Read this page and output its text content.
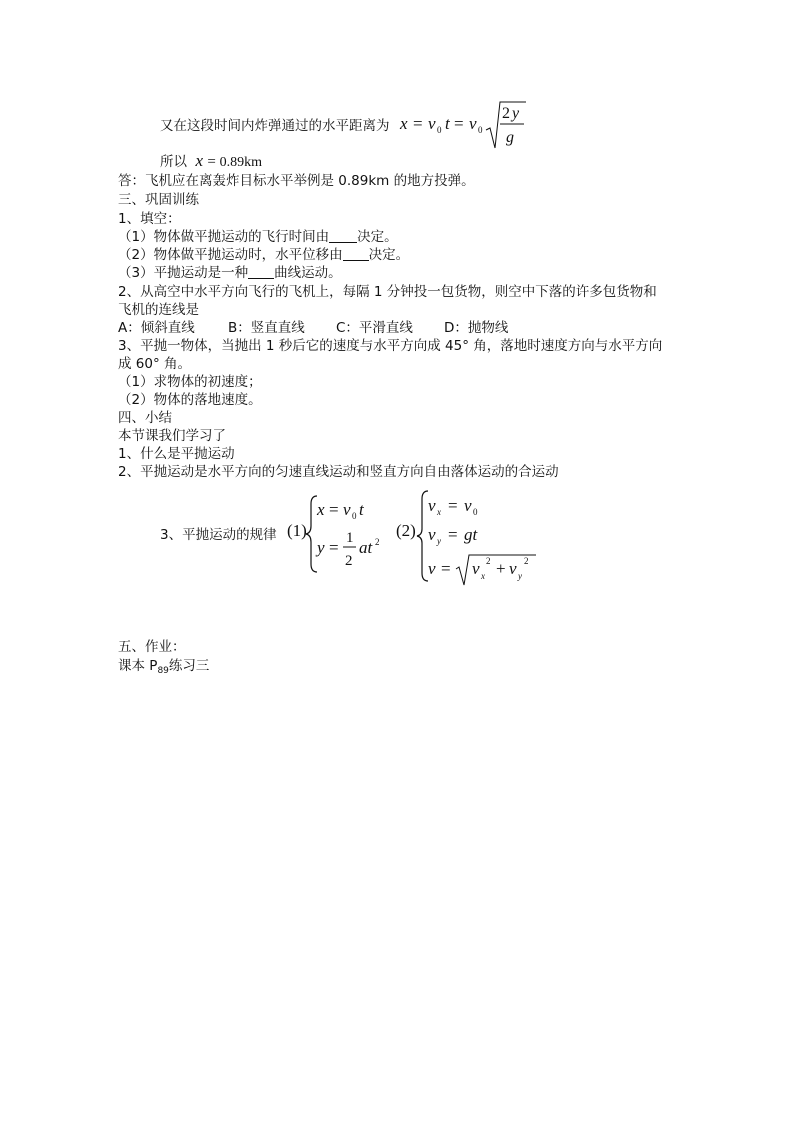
又在这段时间内炸弹通过的水平距离为 x = v 0 t = v 0
2 y
g
所以  x = 0.89km
答：飞机应在离轰炸目标水平举例是 0.89km 的地方投弹。
三、巩固训练
1、填空：
（1）物体做平抛运动的飞行时间由 决定。
（2）物体做平抛运动时，水平位移由 决定。
（3）平抛运动是一种 曲线运动。
2、从高空中水平方向飞行的飞机上，每隔 1 分钟投一包货物，则空中下落的许多包货物和
飞机的连线是
A：倾斜直线 B：竖直直线 C：平滑直线 D：抛物线
3、平抛一物体，当抛出 1 秒后它的速度与水平方向成 45° 角，落地时速度方向与水平方向
成 60° 角。
（1）求物体的初速度；
（2）物体的落地速度。
四、小结
本节课我们学习了
1、什么是平抛运动
2、平抛运动是水平方向的匀速直线运动和竖直方向自由落体运动的合运动
3、平抛运动的规律 (1)
x = v 0 t
y = 1
2
at 2
(2)
v x = v 0
v y = gt
v = v x
2 + v y
2
五、作业：
课本 $P_{89}$练习三
